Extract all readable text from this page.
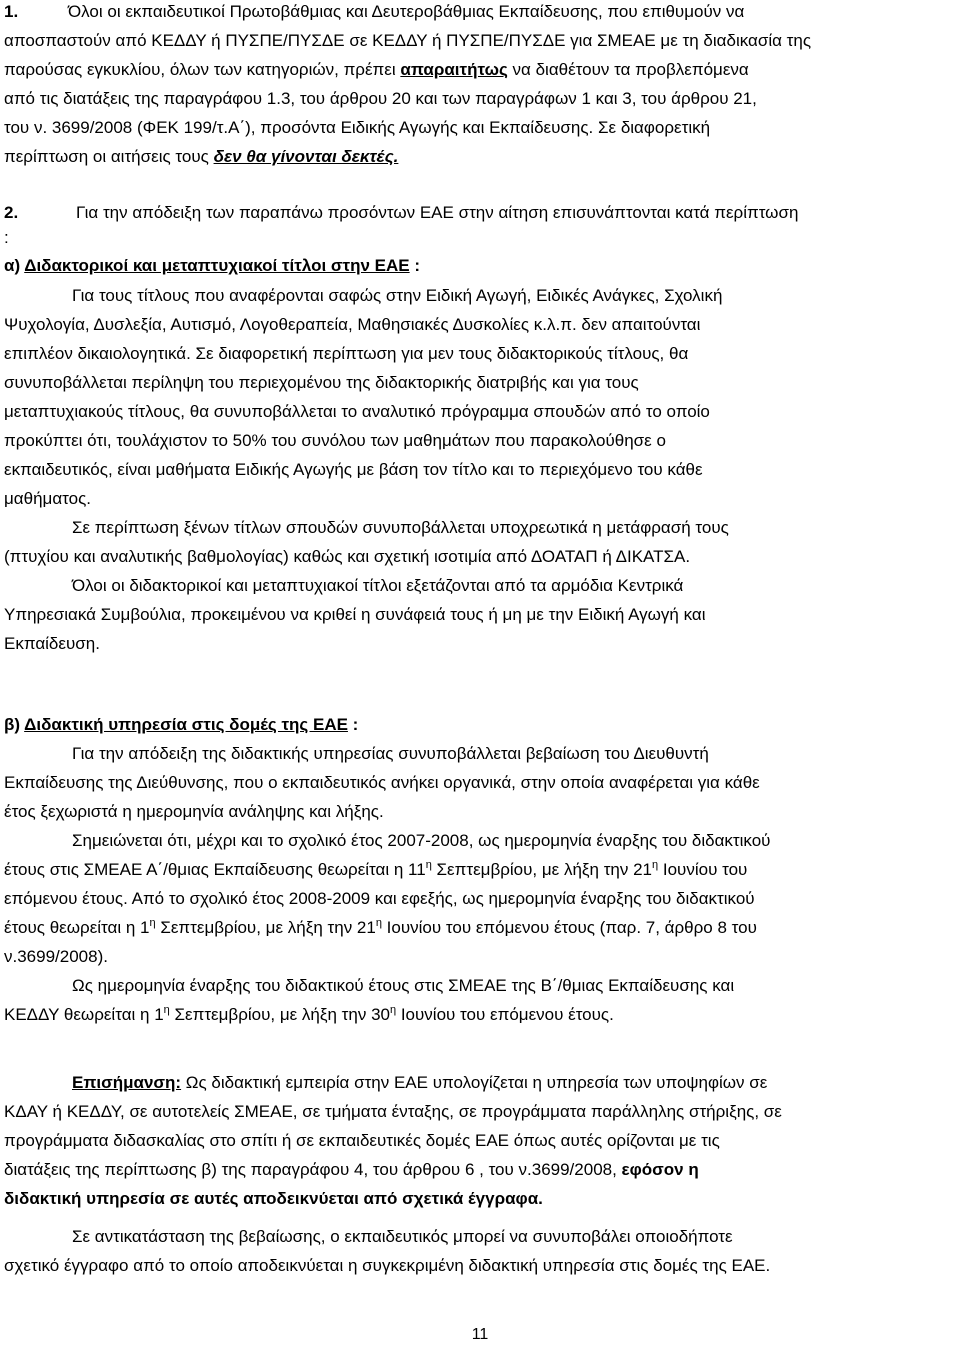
1.	Όλοι οι εκπαιδευτικοί Πρωτοβάθμιας και Δευτεροβάθμιας Εκπαίδευσης, που επιθυμούν να
αποσπαστούν από ΚΕΔΔΥ ή ΠΥΣΠΕ/ΠΥΣΔΕ σε ΚΕΔΔΥ ή ΠΥΣΠΕ/ΠΥΣΔΕ για ΣΜΕΑΕ με τη διαδικασία της
παρούσας εγκυκλίου, όλων των κατηγοριών, πρέπει απαραιτήτως να διαθέτουν τα προβλεπόμενα
από τις διατάξεις της παραγράφου 1.3, του άρθρου 20 και των παραγράφων 1 και 3, του άρθρου 21,
του ν. 3699/2008 (ΦΕΚ 199/τ.Α΄), προσόντα Ειδικής Αγωγής και Εκπαίδευσης. Σε διαφορετική
περίπτωση οι αιτήσεις τους δεν θα γίνονται δεκτές.
2.	Για την απόδειξη των παραπάνω προσόντων ΕΑΕ στην αίτηση επισυνάπτονται κατά περίπτωση
:
α) Διδακτορικοί και μεταπτυχιακοί τίτλοι στην ΕΑΕ :
Για τους τίτλους που αναφέρονται σαφώς στην Ειδική Αγωγή, Ειδικές Ανάγκες, Σχολική
Ψυχολογία, Δυσλεξία, Αυτισμό, Λογοθεραπεία, Μαθησιακές Δυσκολίες κ.λ.π. δεν απαιτούνται
επιπλέον δικαιολογητικά. Σε διαφορετική περίπτωση για μεν τους διδακτορικούς τίτλους, θα
συνυποβάλλεται περίληψη του περιεχομένου της διδακτορικής διατριβής και για τους
μεταπτυχιακούς τίτλους, θα συνυποβάλλεται το αναλυτικό πρόγραμμα σπουδών από το οποίο
προκύπτει ότι, τουλάχιστον το 50% του συνόλου των μαθημάτων που παρακολούθησε ο
εκπαιδευτικός, είναι μαθήματα Ειδικής Αγωγής με βάση τον τίτλο και το περιεχόμενο του κάθε
μαθήματος.
Σε περίπτωση ξένων τίτλων σπουδών συνυποβάλλεται υποχρεωτικά η μετάφρασή τους
(πτυχίου και αναλυτικής βαθμολογίας) καθώς και σχετική ισοτιμία από ΔΟΑΤΑΠ ή ΔΙΚΑΤΣΑ.
Όλοι οι διδακτορικοί και μεταπτυχιακοί τίτλοι εξετάζονται από τα αρμόδια Κεντρικά
Υπηρεσιακά Συμβούλια, προκειμένου να κριθεί η συνάφειά τους ή μη με την Ειδική Αγωγή και
Εκπαίδευση.
β) Διδακτική υπηρεσία στις δομές της ΕΑΕ :
Για την απόδειξη της διδακτικής υπηρεσίας συνυποβάλλεται βεβαίωση του Διευθυντή
Εκπαίδευσης της Διεύθυνσης, που ο εκπαιδευτικός ανήκει οργανικά, στην οποία αναφέρεται για κάθε
έτος ξεχωριστά η ημερομηνία ανάληψης και λήξης.
Σημειώνεται ότι, μέχρι και το σχολικό έτος 2007-2008, ως ημερομηνία έναρξης του διδακτικού
έτους στις ΣΜΕΑΕ Α΄/θμιας Εκπαίδευσης θεωρείται η $11^\eta$ Σεπτεμβρίου, με λήξη την $21^\eta$ Ιουνίου του
επόμενου έτους. Από το σχολικό έτος 2008-2009 και εφεξής, ως ημερομηνία έναρξης του διδακτικού
έτους θεωρείται η $1^\eta$ Σεπτεμβρίου, με λήξη την $21^\eta$ Ιουνίου του επόμενου έτους (παρ. 7, άρθρο 8 του
ν.3699/2008).
Ως ημερομηνία έναρξης του διδακτικού έτους στις ΣΜΕΑΕ της Β΄/θμιας Εκπαίδευσης και
ΚΕΔΔΥ θεωρείται η $1^\eta$ Σεπτεμβρίου, με λήξη την $30^\eta$ Ιουνίου του επόμενου έτους.
Επισήμανση: Ως διδακτική εμπειρία στην ΕΑΕ υπολογίζεται η υπηρεσία των υποψηφίων σε
ΚΔΑΥ ή ΚΕΔΔΥ, σε αυτοτελείς ΣΜΕΑΕ, σε τμήματα ένταξης, σε προγράμματα παράλληλης στήριξης, σε
προγράμματα διδασκαλίας στο σπίτι ή σε εκπαιδευτικές δομές ΕΑΕ όπως αυτές ορίζονται με τις
διατάξεις της περίπτωσης β) της παραγράφου 4, του άρθρου 6 , του ν.3699/2008, εφόσον η
διδακτική υπηρεσία σε αυτές αποδεικνύεται από σχετικά έγγραφα.
Σε αντικατάσταση της βεβαίωσης, ο εκπαιδευτικός μπορεί να συνυποβάλει οποιοδήποτε
σχετικό έγγραφο από το οποίο αποδεικνύεται η συγκεκριμένη διδακτική υπηρεσία στις δομές της ΕΑΕ.
11
